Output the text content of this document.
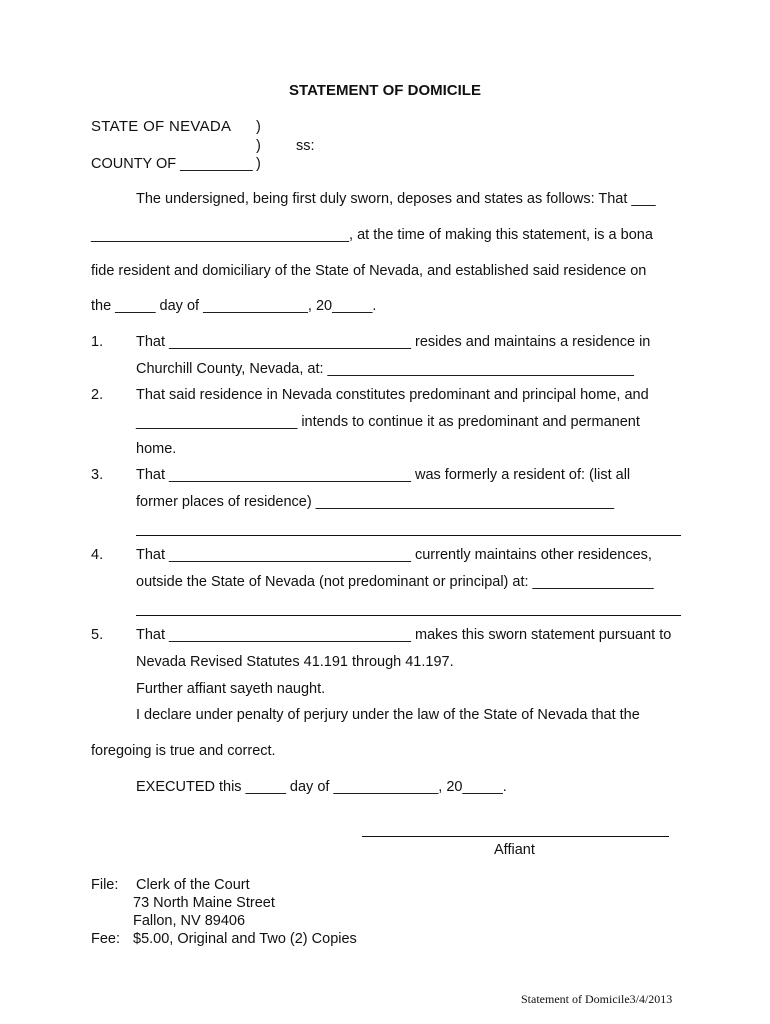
STATEMENT OF DOMICILE
STATE OF NEVADA )
) ss:
COUNTY OF _________ )
The undersigned, being first duly sworn, deposes and states as follows: That ___
________________________________, at the time of making this statement, is a bona
fide resident and domiciliary of the State of Nevada, and established said residence on
the _____ day of _____________, 20_____.
1. That ______________________________ resides and maintains a residence in
Churchill County, Nevada, at: ______________________________________
2. That said residence in Nevada constitutes predominant and principal home, and
____________________ intends to continue it as predominant and permanent
home.
3. That ______________________________ was formerly a resident of: (list all
former places of residence) _____________________________________
4. That ______________________________ currently maintains other residences,
outside the State of Nevada (not predominant or principal) at: _______________
5. That ______________________________ makes this sworn statement pursuant to
Nevada Revised Statutes 41.191 through 41.197.
Further affiant sayeth naught.
I declare under penalty of perjury under the law of the State of Nevada that the
foregoing is true and correct.
EXECUTED this _____ day of _____________, 20_____.
Affiant
File: Clerk of the Court
73 North Maine Street
Fallon, NV 89406
Fee: $5.00, Original and Two (2) Copies
Statement of Domicile3/4/2013
